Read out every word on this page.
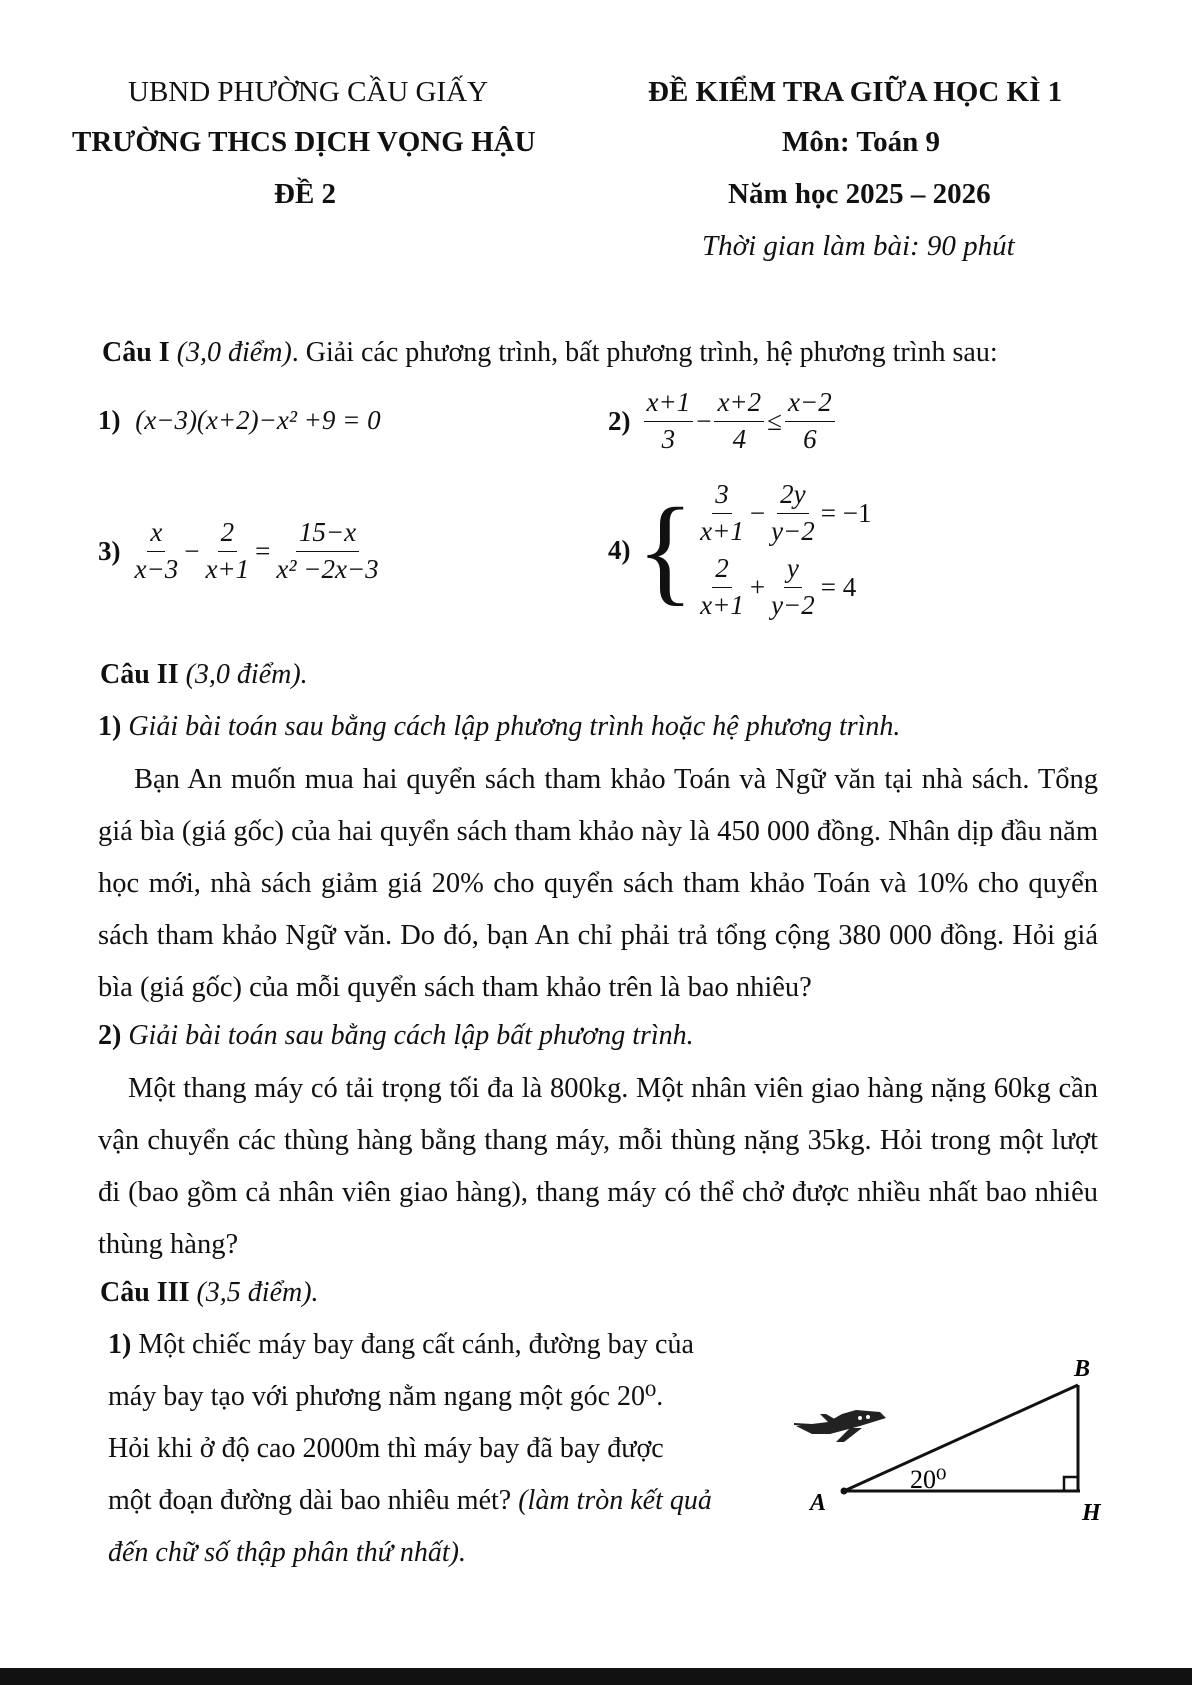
UBND PHƯỜNG CẦU GIẤY
TRƯỜNG THCS DỊCH VỌNG HẬU
ĐỀ 2
ĐỀ KIỂM TRA GIỮA HỌC KÌ 1
Môn: Toán 9
Năm học 2025 – 2026
Thời gian làm bài: 90 phút
Câu I (3,0 điểm). Giải các phương trình, bất phương trình, hệ phương trình sau:
1) (x−3)(x+2)−x² +9 = 0	$2) \frac{x+1}{3} - \frac{x+2}{4} \le \frac{x-2}{6}$
$3) \frac{x}{x-3} - \frac{2}{x+1} = \frac{15-x}{\text{x² −2x−3}}$	4) { $\frac{3}{x+1} - \frac{2y}{y-2} = -1$
$\frac{2}{x+1} + \frac{y}{y-2} = 4$
Câu II (3,0 điểm).
1) Giải bài toán sau bằng cách lập phương trình hoặc hệ phương trình.
Bạn An muốn mua hai quyển sách tham khảo Toán và Ngữ văn tại nhà sách. Tổng giá bìa (giá gốc) của hai quyển sách tham khảo này là 450 000 đồng. Nhân dịp đầu năm học mới, nhà sách giảm giá 20% cho quyển sách tham khảo Toán và 10% cho quyển sách tham khảo Ngữ văn. Do đó, bạn An chỉ phải trả tổng cộng 380 000 đồng. Hỏi giá bìa (giá gốc) của mỗi quyển sách tham khảo trên là bao nhiêu?
2) Giải bài toán sau bằng cách lập bất phương trình.
Một thang máy có tải trọng tối đa là 800kg. Một nhân viên giao hàng nặng 60kg cần vận chuyển các thùng hàng bằng thang máy, mỗi thùng nặng 35kg. Hỏi trong một lượt đi (bao gồm cả nhân viên giao hàng), thang máy có thể chở được nhiều nhất bao nhiêu thùng hàng?
Câu III (3,5 điểm).
1) Một chiếc máy bay đang cất cánh, đường bay của
máy bay tạo với phương nằm ngang một góc 20⁰.
Hỏi khi ở độ cao 2000m thì máy bay đã bay được
một đoạn đường dài bao nhiêu mét? (làm tròn kết quả
đến chữ số thập phân thứ nhất).
A
B
H
20⁰
